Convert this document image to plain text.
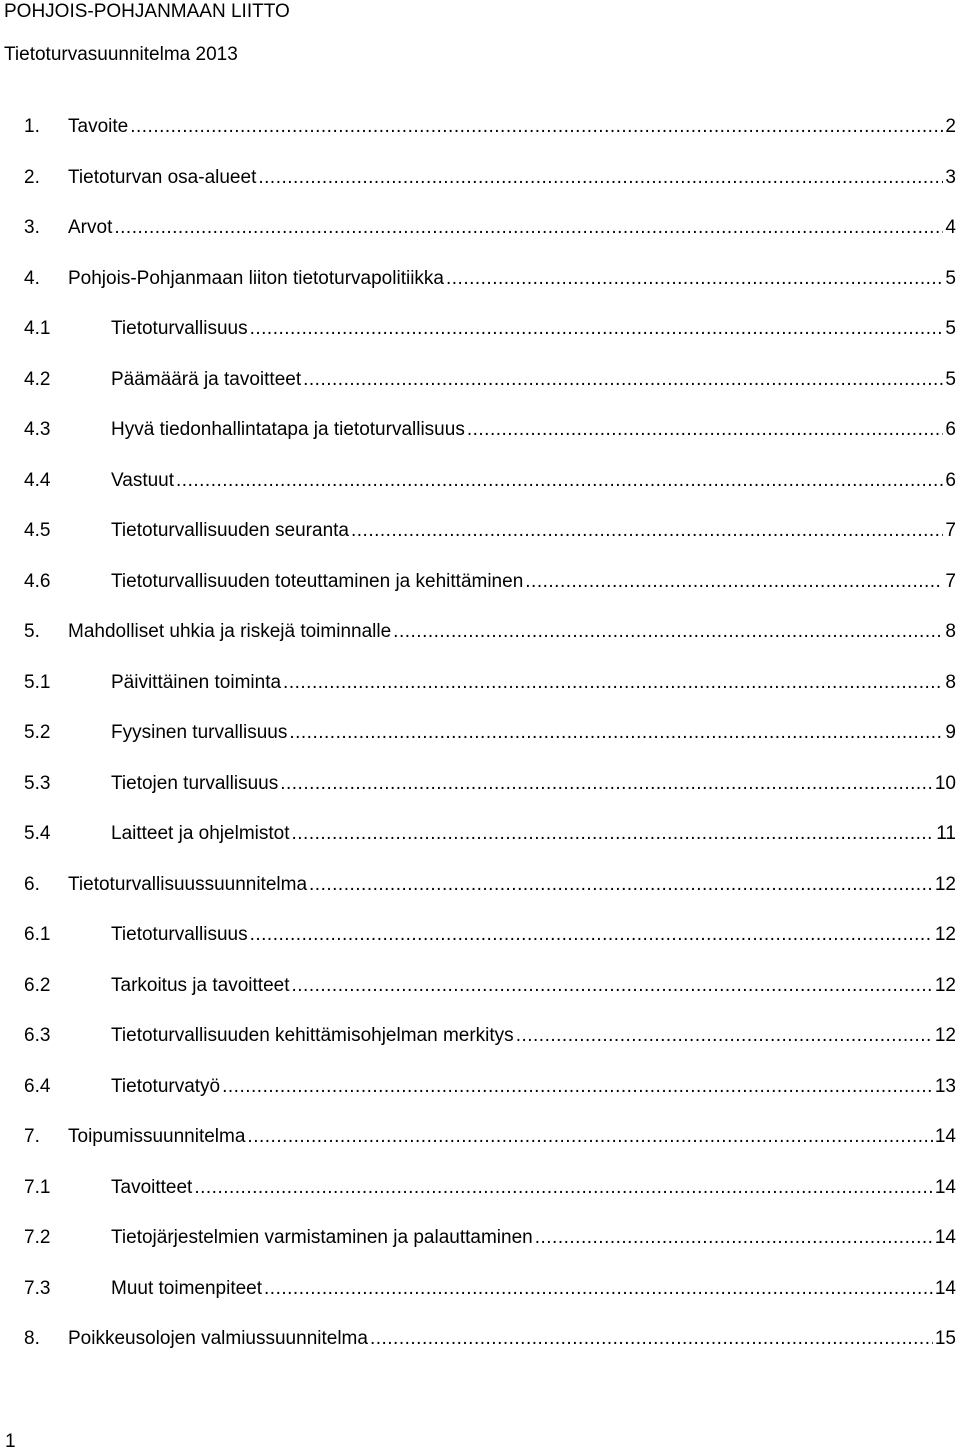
POHJOIS-POHJANMAAN LIITTO
Tietoturvasuunnitelma 2013
1. Tavoite .....	2
2. Tietoturvan osa-alueet .....	3
3. Arvot .....	4
4. Pohjois-Pohjanmaan liiton tietoturvapolitiikka .....	5
4.1	Tietoturvallisuus .....	5
4.2	Päämäärä ja tavoitteet .....	5
4.3	Hyvä tiedonhallintatapa ja tietoturvallisuus .....	6
4.4	Vastuut .....	6
4.5	Tietoturvallisuuden seuranta .....	7
4.6	Tietoturvallisuuden toteuttaminen ja kehittäminen .....	7
5. Mahdolliset uhkia ja riskejä toiminnalle .....	8
5.1	Päivittäinen toiminta .....	8
5.2	Fyysinen turvallisuus .....	9
5.3	Tietojen turvallisuus .....	10
5.4	Laitteet ja ohjelmistot .....	11
6. Tietoturvallisuussuunnitelma .....	12
6.1	Tietoturvallisuus .....	12
6.2	Tarkoitus ja tavoitteet .....	12
6.3	Tietoturvallisuuden kehittämisohjelman merkitys .....	12
6.4	Tietoturvatyö .....	13
7. Toipumissuunnitelma .....	14
7.1	Tavoitteet .....	14
7.2	Tietojärjestelmien varmistaminen ja palauttaminen .....	14
7.3	Muut toimenpiteet .....	14
8. Poikkeusolojen valmiussuunnitelma .....	15
1
